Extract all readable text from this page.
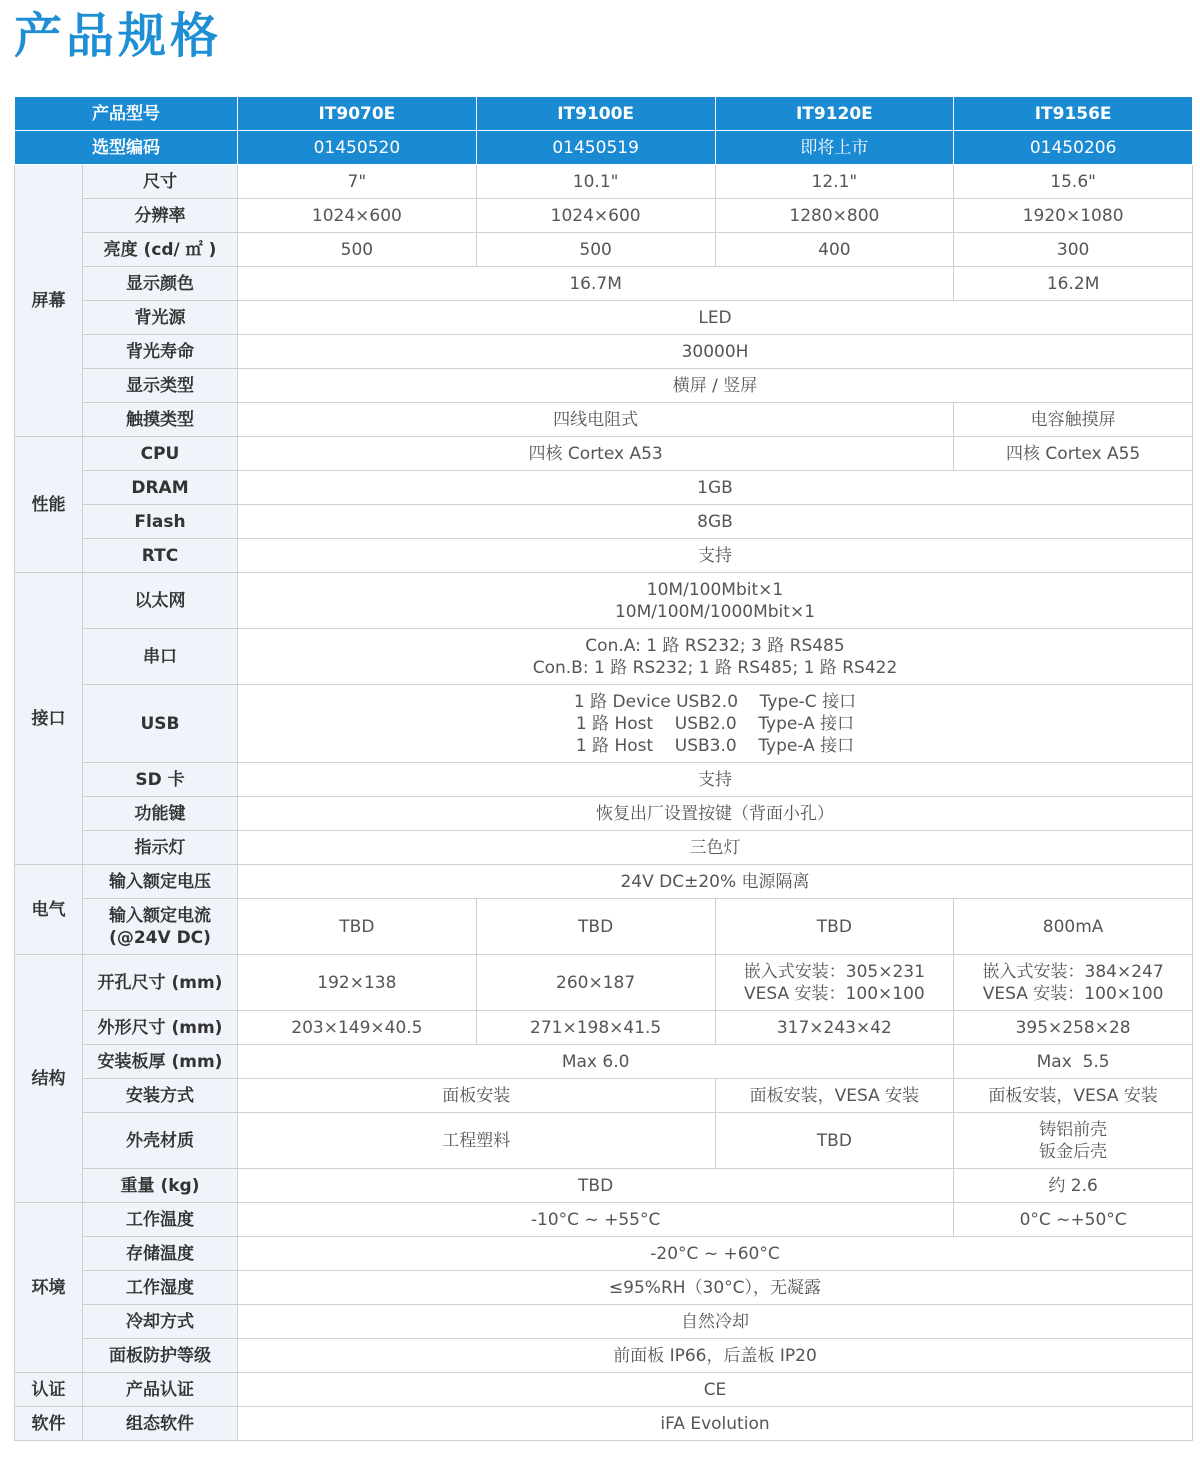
产品规格
产品型号		IT9070E	IT9100E	IT9120E	IT9156E
选型编码		01450520	01450519	即将上市	01450206
屏幕	尺寸	7"	10.1"	12.1"	15.6"
	分辨率	1024×600	1024×600	1280×800	1920×1080
	亮度 (cd/ ㎡ )	500	500	400	300
	显示颜色	16.7M			16.2M
	背光源	LED			
	背光寿命	30000H			
	显示类型	横屏 / 竖屏			
	触摸类型	四线电阻式			电容触摸屏
性能	CPU	四核 Cortex A53			四核 Cortex A55
	DRAM	1GB			
	Flash	8GB			
	RTC	支持			
接口	以太网	10M/100Mbit×1
10M/100M/1000Mbit×1			

	串口	Con.A: 1 路 RS232; 3 路 RS485
Con.B: 1 路 RS232; 1 路 RS485; 1 路 RS422			

	USB	1 路 Device USB2.0    Type-C 接口
1 路 Host    USB2.0    Type-A 接口
1 路 Host    USB3.0    Type-A 接口			

	SD 卡	支持			
	功能键	恢复出厂设置按键（背面小孔）			
	指示灯	三色灯			
电气	输入额定电压	24V DC±20% 电源隔离			

	输入额定电流
(@24V DC)	TBD	TBD	TBD	800mA
结构	开孔尺寸 (mm)	192×138	260×187	嵌入式安装：305×231
VESA 安装：100×100	嵌入式安装：384×247
VESA 安装：100×100

	外形尺寸 (mm)	203×149×40.5	271×198×41.5	317×243×42	395×258×28
	安装板厚 (mm)	Max 6.0			Max  5.5
	安装方式	面板安装		面板安装，VESA 安装	面板安装，VESA 安装
	外壳材质	工程塑料		TBD	铸铝前壳
钣金后壳

	重量 (kg)	TBD			约 2.6
环境	工作温度	-10°C ~ +55°C			0°C ~+50°C
	存储温度	-20°C ~ +60°C			
	工作湿度	≤95%RH（30°C），无凝露			
	冷却方式	自然冷却			
	面板防护等级	前面板 IP66，后盖板 IP20			
认证	产品认证	CE			
软件	组态软件	iFA Evolution			
